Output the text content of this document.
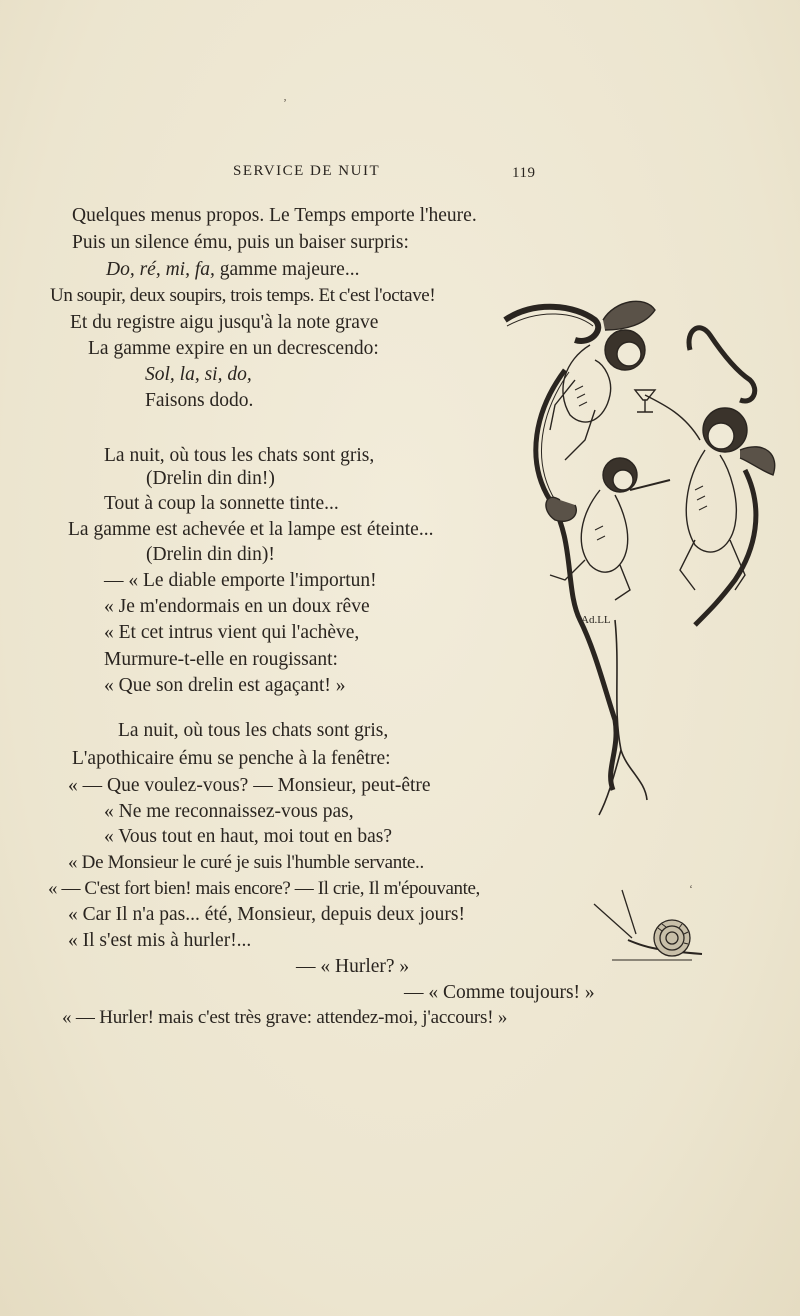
SERVICE DE NUIT	119
Quelques menus propos. Le Temps emporte l'heure.
Puis un silence ému, puis un baiser surpris:
Do, ré, mi, fa, gamme majeure...
Un soupir, deux soupirs, trois temps. Et c'est l'octave!
Et du registre aigu jusqu'à la note grave
La gamme expire en un decrescendo:
Sol, la, si, do,
Faisons dodo.
La nuit, où tous les chats sont gris,
(Drelin din din!)
Tout à coup la sonnette tinte...
La gamme est achevée et la lampe est éteinte...
(Drelin din din)!
— « Le diable emporte l'importun!
« Je m'endormais en un doux rêve
« Et cet intrus vient qui l'achève,
Murmure-t-elle en rougissant:
« Que son drelin est agaçant! »
La nuit, où tous les chats sont gris,
L'apothicaire ému se penche à la fenêtre:
« — Que voulez-vous? — Monsieur, peut-être
« Ne me reconnaissez-vous pas,
« Vous tout en haut, moi tout en bas?
« De Monsieur le curé je suis l'humble servante..
« — C'est fort bien! mais encore? — Il crie, Il m'épouvante,
« Car Il n'a pas... été, Monsieur, depuis deux jours!
« Il s'est mis à hurler!...
— « Hurler? »
— « Comme toujours! »
« — Hurler! mais c'est très grave: attendez-moi, j'accours! »
Ad.LL
ʼ
ʻ
